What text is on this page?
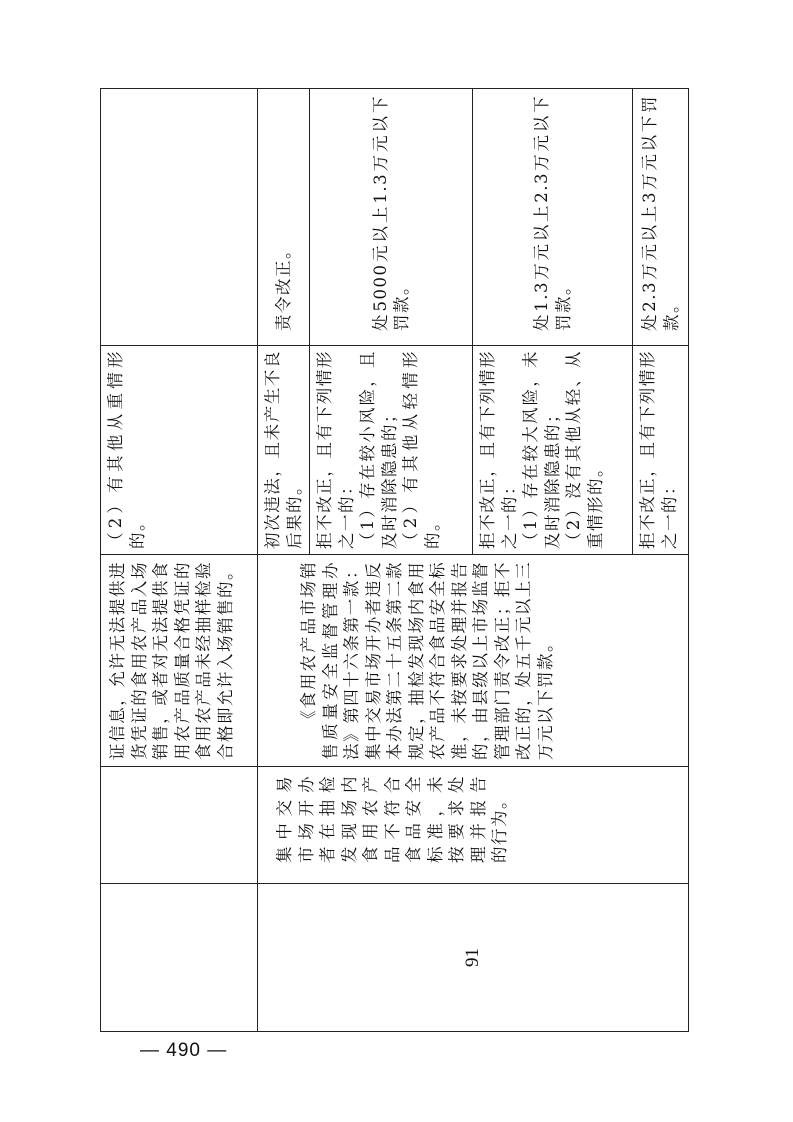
		证信息，允许无法提供进货凭证的食用农产品入场销售，或者对无法提供食用农产品质量合格凭证的食用农产品未经抽样检验合格即允许入场销售的。	（2）有其他从重情形的。	
91	集中交易市场开办者在抽检发现场内食用农产品不符合食品安全标准，未按要求处理并报告的行为。	《食用农产品市场销售质量安全监督管理办法》第四十六条第一款：集中交易市场开办者违反本办法第二十五条第二款规定，抽检发现场内食用农产品不符合食品安全标准，未按要求处理并报告的，由县级以上市场监督管理部门责令改正；拒不改正的，处五千元以上三万元以下罚款。	初次违法，且未产生不良后果的。	责令改正。

			拒不改正，且有下列情形之一的： （1）存在较小风险，且及时消除隐患的； （2）有其他从轻情形的。	处5000元以上1.3万元以下罚款。

			拒不改正，且有下列情形之一的： （1）存在较大风险，未及时消除隐患的； （2）没有其他从轻、从重情形的。	处1.3万元以上2.3万元以下罚款。

			拒不改正，且有下列情形之一的：	处2.3万元以上3万元以下罚款。
— 490 —
